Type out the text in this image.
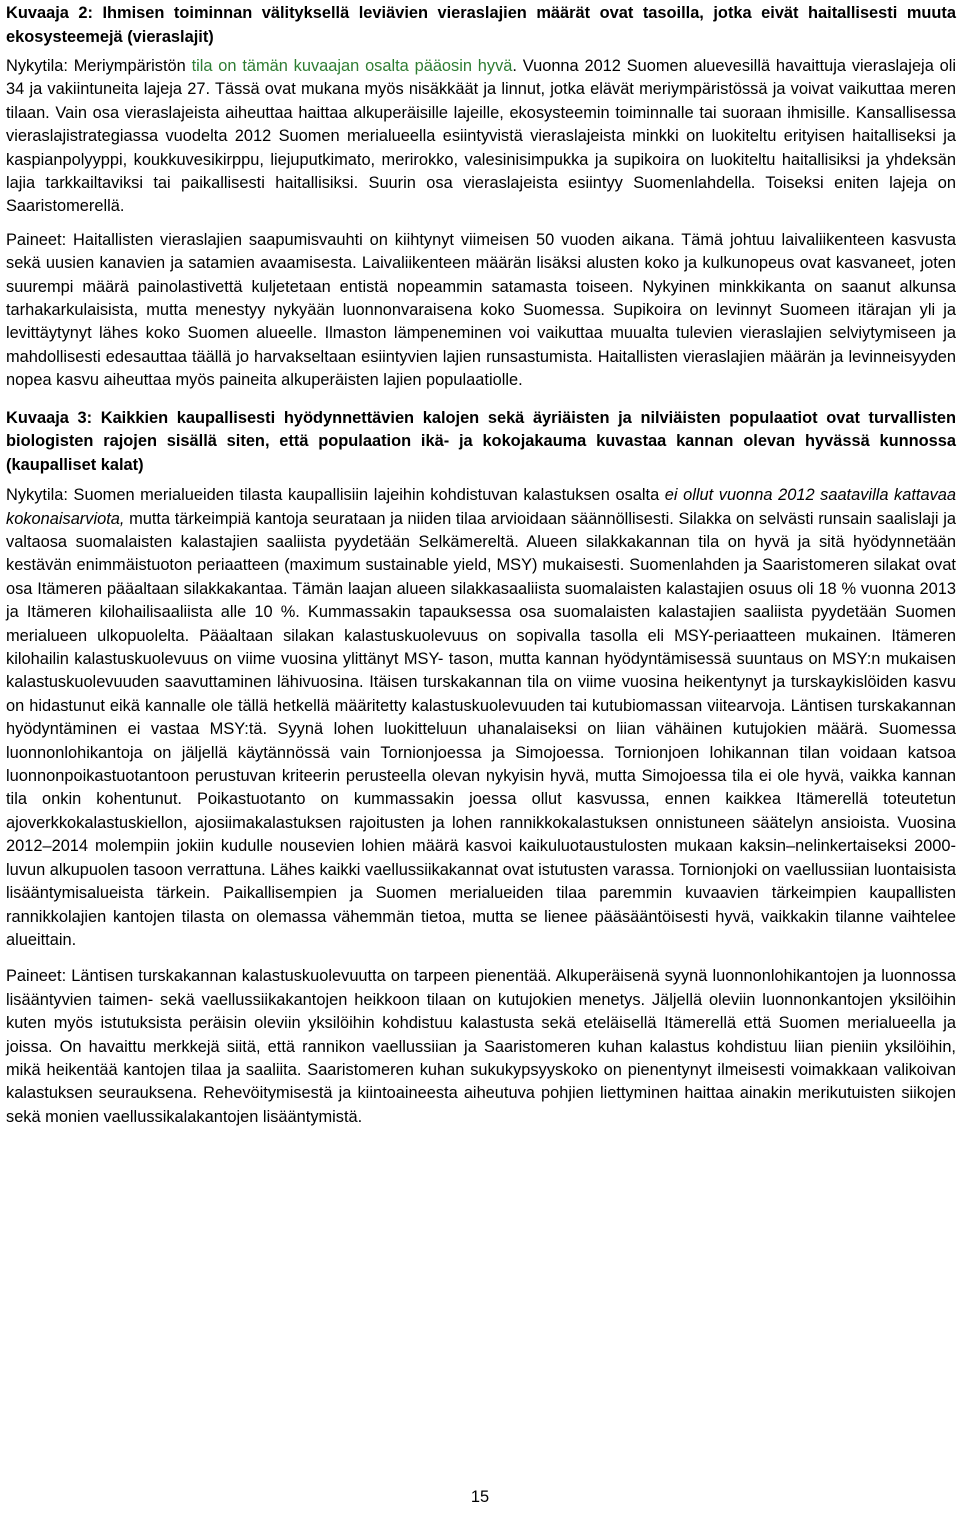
Kuvaaja 2: Ihmisen toiminnan välityksellä leviävien vieraslajien määrät ovat tasoilla, jotka eivät haitallisesti muuta ekosysteemejä (vieraslajit)

Nykytila: Meriympäristön tila on tämän kuvaajan osalta pääosin hyvä. Vuonna 2012 Suomen aluevesillä havaittuja vieraslajeja oli 34 ja vakiintuneita lajeja 27. Tässä ovat mukana myös nisäkkäät ja linnut, jotka elävät meriympäristössä ja voivat vaikuttaa meren tilaan. Vain osa vieraslajeista aiheuttaa haittaa alkuperäisille lajeille, ekosysteemin toiminnalle tai suoraan ihmisille. Kansallisessa vieraslajistrategiassa vuodelta 2012 Suomen merialueella esiintyvistä vieraslajeista minkki on luokiteltu erityisen haitalliseksi ja kaspianpolyyppi, koukkuvesikirppu, liejuputkimato, merirokko, valesinisimpukka ja supikoira on luokiteltu haitallisiksi ja yhdeksän lajia tarkkailtaviksi tai paikallisesti haitallisiksi. Suurin osa vieraslajeista esiintyy Suomenlahdella. Toiseksi eniten lajeja on Saaristomerellä.

Paineet: Haitallisten vieraslajien saapumisvauhti on kiihtynyt viimeisen 50 vuoden aikana. Tämä johtuu laivaliikenteen kasvusta sekä uusien kanavien ja satamien avaamisesta. Laivaliikenteen määrän lisäksi alusten koko ja kulkunopeus ovat kasvaneet, joten suurempi määrä painolastivettä kuljetetaan entistä nopeammin satamasta toiseen. Nykyinen minkkikanta on saanut alkunsa tarhakarkulaisista, mutta menestyy nykyään luonnonvaraisena koko Suomessa. Supikoira on levinnyt Suomeen itärajan yli ja levittäytynyt lähes koko Suomen alueelle. Ilmaston lämpeneminen voi vaikuttaa muualta tulevien vieraslajien selviytymiseen ja mahdollisesti edesauttaa täällä jo harvakseltaan esiintyvien lajien runsastumista. Haitallisten vieraslajien määrän ja levinneisyyden nopea kasvu aiheuttaa myös paineita alkuperäisten lajien populaatiolle.

Kuvaaja 3: Kaikkien kaupallisesti hyödynnettävien kalojen sekä äyriäisten ja nilviäisten populaatiot ovat turvallisten biologisten rajojen sisällä siten, että populaation ikä- ja kokojakauma kuvastaa kannan olevan hyvässä kunnossa (kaupalliset kalat)

Nykytila: Suomen merialueiden tilasta kaupallisiin lajeihin kohdistuvan kalastuksen osalta ei ollut vuonna 2012 saatavilla kattavaa kokonaisarviota, mutta tärkeimpiä kantoja seurataan ja niiden tilaa arvioidaan säännöllisesti. Silakka on selvästi runsain saalislaji ja valtaosa suomalaisten kalastajien saaliista pyydetään Selkämereltä. Alueen silakkakannan tila on hyvä ja sitä hyödynnetään kestävän enimmäistuoton periaatteen (maximum sustainable yield, MSY) mukaisesti. Suomenlahden ja Saaristomeren silakat ovat osa Itämeren pääaltaan silakkakantaa. Tämän laajan alueen silakkasaaliista suomalaisten kalastajien osuus oli 18 % vuonna 2013 ja Itämeren kilohailisaaliista alle 10 %. Kummassakin tapauksessa osa suomalaisten kalastajien saaliista pyydetään Suomen merialueen ulkopuolelta. Pääaltaan silakan kalastuskuolevuus on sopivalla tasolla eli MSY-periaatteen mukainen. Itämeren kilohailin kalastuskuolevuus on viime vuosina ylittänyt MSY- tason, mutta kannan hyödyntämisessä suuntaus on MSY:n mukaisen kalastuskuolevuuden saavuttaminen lähivuosina. Itäisen turskakannan tila on viime vuosina heikentynyt ja turskaykislöiden kasvu on hidastunut eikä kannalle ole tällä hetkellä määritetty kalastuskuolevuuden tai kutubiomassan viitearvoja. Läntisen turskakannan hyödyntäminen ei vastaa MSY:tä. Syynä lohen luokitteluun uhanalaiseksi on liian vähäinen kutujokien määrä. Suomessa luonnonlohikantoja on jäljellä käytännössä vain Tornionjoessa ja Simojoessa. Tornionjoen lohikannan tilan voidaan katsoa luonnonpoikastuotantoon perustuvan kriteerin perusteella olevan nykyisin hyvä, mutta Simojoessa tila ei ole hyvä, vaikka kannan tila onkin kohentunut. Poikastuotanto on kummassakin joessa ollut kasvussa, ennen kaikkea Itämerellä toteutetun ajoverkkokalastuskiellon, ajosiimakalastuksen rajoitusten ja lohen rannikkokalastuksen onnistuneen säätelyn ansioista. Vuosina 2012–2014 molempiin jokiin kudulle nousevien lohien määrä kasvoi kaikuluotaustulosten mukaan kaksin–nelinkertaiseksi 2000-luvun alkupuolen tasoon verrattuna. Lähes kaikki vaellussiikakannat ovat istutusten varassa. Tornionjoki on vaellussiian luontaisista lisääntymisalueista tärkein. Paikallisempien ja Suomen merialueiden tilaa paremmin kuvaavien tärkeimpien kaupallisten rannikkolajien kantojen tilasta on olemassa vähemmän tietoa, mutta se lienee pääsääntöisesti hyvä, vaikkakin tilanne vaihtelee alueittain.

Paineet: Läntisen turskakannan kalastuskuolevuutta on tarpeen pienentää. Alkuperäisenä syynä luonnonlohikantojen ja luonnossa lisääntyvien taimen- sekä vaellussiikakantojen heikkoon tilaan on kutujokien menetys. Jäljellä oleviin luonnonkantojen yksilöihin kuten myös istutuksista peräisin oleviin yksilöihin kohdistuu kalastusta sekä eteläisellä Itämerellä että Suomen merialueella ja joissa. On havaittu merkkejä siitä, että rannikon vaellussiian ja Saaristomeren kuhan kalastus kohdistuu liian pieniin yksilöihin, mikä heikentää kantojen tilaa ja saaliita. Saaristomeren kuhan sukukypsyyskoko on pienentynyt ilmeisesti voimakkaan valikoivan kalastuksen seurauksena. Rehevöitymisestä ja kiintoaineesta aiheutuva pohjien liettyminen haittaa ainakin merikutuisten siikojen sekä monien vaellussikalakantojen lisääntymistä.

15
